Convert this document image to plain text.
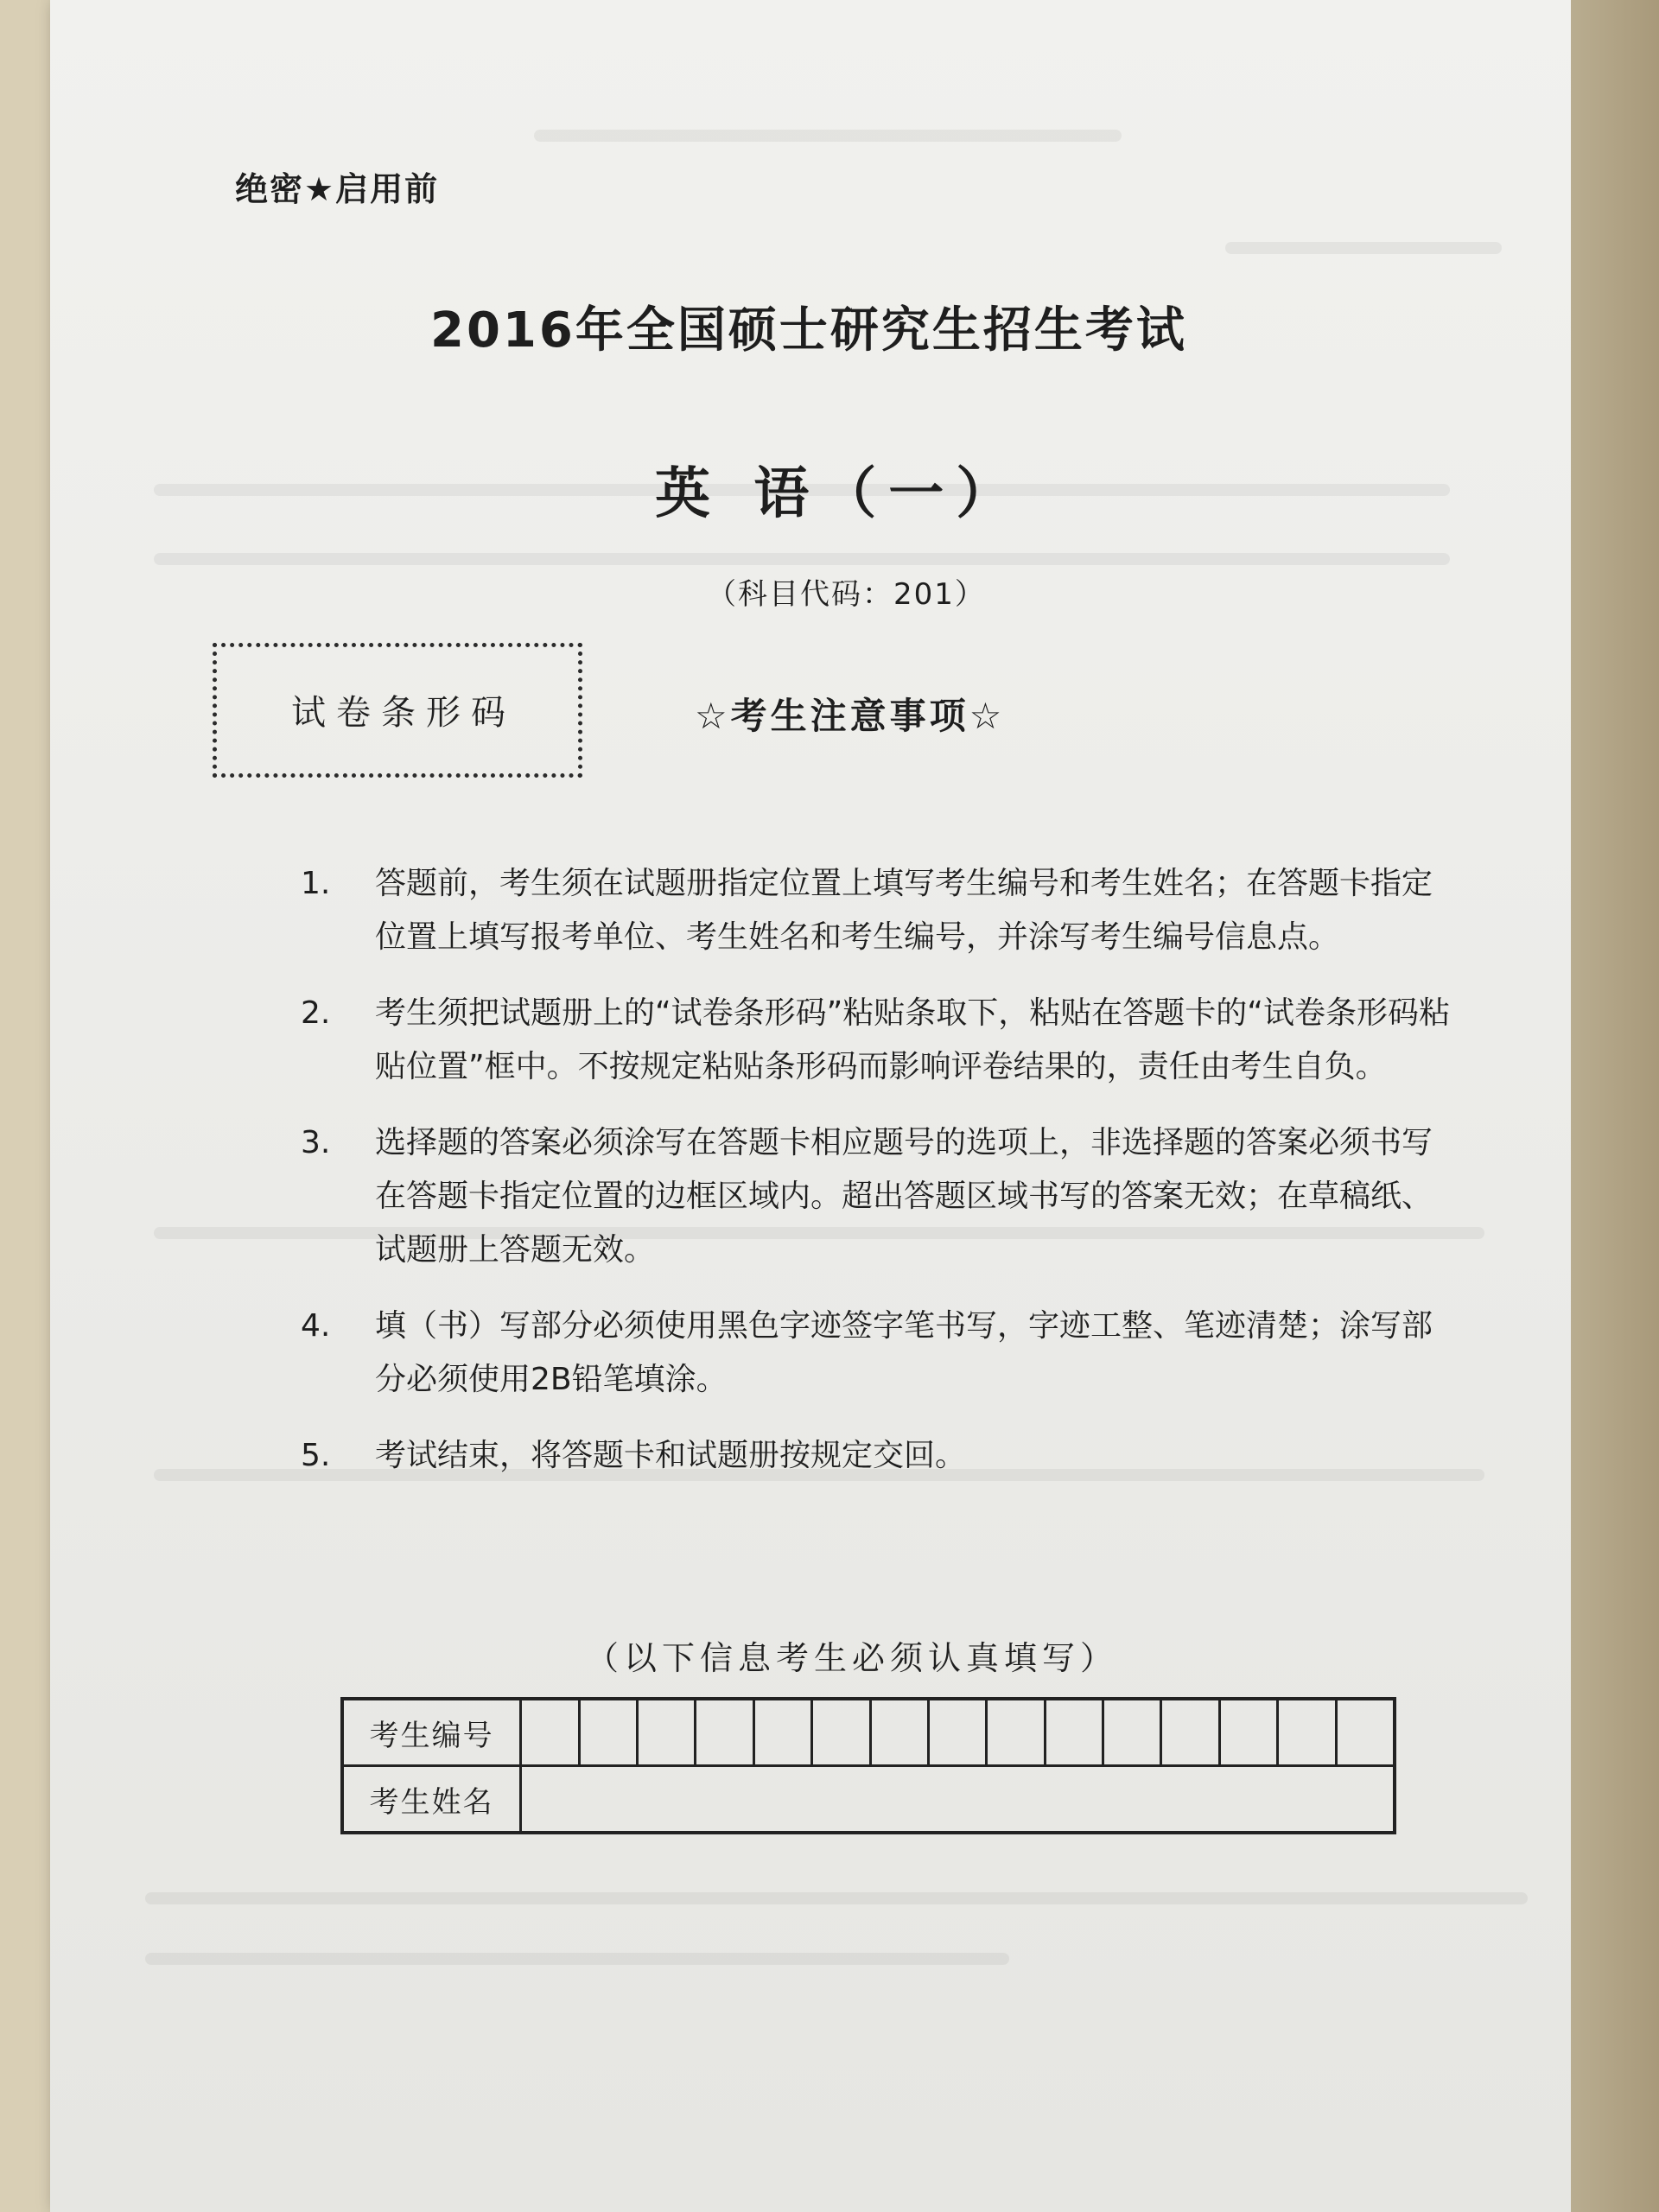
绝密★启用前
2016年全国硕士研究生招生考试
英 语（一）
（科目代码：201）
试卷条形码	☆考生注意事项☆
1. 答题前，考生须在试题册指定位置上填写考生编号和考生姓名；在答题卡指定位置上填写报考单位、考生姓名和考生编号，并涂写考生编号信息点。
2. 考生须把试题册上的“试卷条形码”粘贴条取下，粘贴在答题卡的“试卷条形码粘贴位置”框中。不按规定粘贴条形码而影响评卷结果的，责任由考生自负。
3. 选择题的答案必须涂写在答题卡相应题号的选项上，非选择题的答案必须书写在答题卡指定位置的边框区域内。超出答题区域书写的答案无效；在草稿纸、试题册上答题无效。
4. 填（书）写部分必须使用黑色字迹签字笔书写，字迹工整、笔迹清楚；涂写部分必须使用2B铅笔填涂。
5. 考试结束，将答题卡和试题册按规定交回。
（以下信息考生必须认真填写）
考生编号															
考生姓名															
